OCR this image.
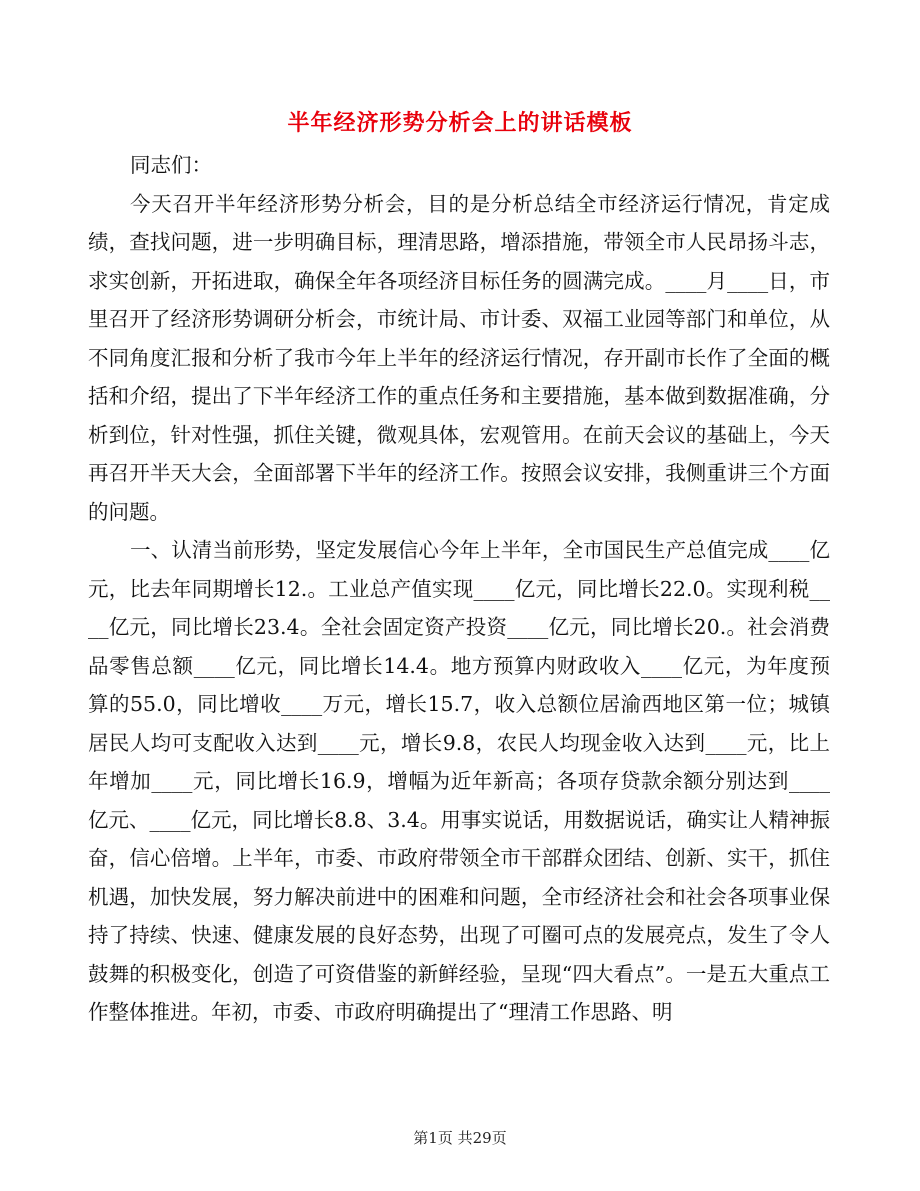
半年经济形势分析会上的讲话模板

同志们：

今天召开半年经济形势分析会，目的是分析总结全市经济运行情况，肯定成绩，查找问题，进一步明确目标，理清思路，增添措施，带领全市人民昂扬斗志，求实创新，开拓进取，确保全年各项经济目标任务的圆满完成。____月____日，市里召开了经济形势调研分析会，市统计局、市计委、双福工业园等部门和单位，从不同角度汇报和分析了我市今年上半年的经济运行情况，存开副市长作了全面的概括和介绍，提出了下半年经济工作的重点任务和主要措施，基本做到数据准确，分析到位，针对性强，抓住关键，微观具体，宏观管用。在前天会议的基础上，今天再召开半天大会，全面部署下半年的经济工作。按照会议安排，我侧重讲三个方面的问题。

一、认清当前形势，坚定发展信心今年上半年，全市国民生产总值完成____亿元，比去年同期增长12.。工业总产值实现____亿元，同比增长22.0。实现利税____亿元，同比增长23.4。全社会固定资产投资____亿元，同比增长20.。社会消费品零售总额____亿元，同比增长14.4。地方预算内财政收入____亿元，为年度预算的55.0，同比增收____万元，增长15.7，收入总额位居渝西地区第一位；城镇居民人均可支配收入达到____元，增长9.8，农民人均现金收入达到____元，比上年增加____元，同比增长16.9，增幅为近年新高；各项存贷款余额分别达到____亿元、____亿元，同比增长8.8、3.4。用事实说话，用数据说话，确实让人精神振奋，信心倍增。上半年，市委、市政府带领全市干部群众团结、创新、实干，抓住机遇，加快发展，努力解决前进中的困难和问题，全市经济社会和社会各项事业保持了持续、快速、健康发展的良好态势，出现了可圈可点的发展亮点，发生了令人鼓舞的积极变化，创造了可资借鉴的新鲜经验，呈现“四大看点”。一是五大重点工作整体推进。年初，市委、市政府明确提出了“理清工作思路、明

第1页 共29页
